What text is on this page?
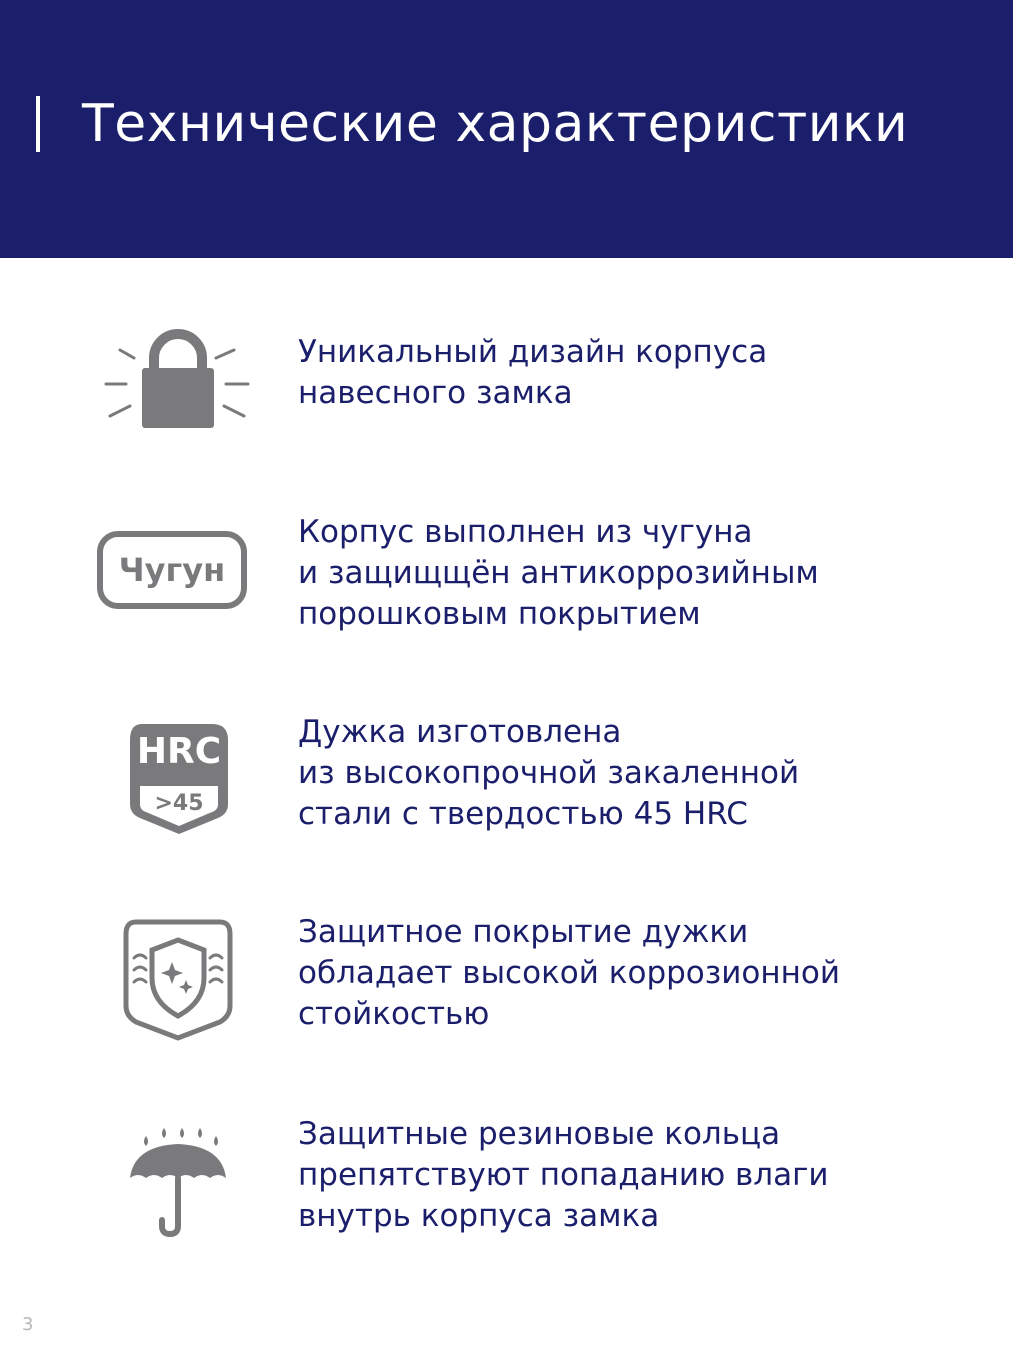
Технические характеристики
Уникальный дизайн корпуса
навесного замка
Чугун
Корпус выполнен из чугуна
и защищщён антикоррозийным
порошковым покрытием
HRC
>45
Дужка изготовлена
из высокопрочной закаленной
стали с твердостью 45 HRC
Защитное покрытие дужки
обладает высокой коррозионной
стойкостью
Защитные резиновые кольца
препятствуют попаданию влаги
внутрь корпуса замка
3
